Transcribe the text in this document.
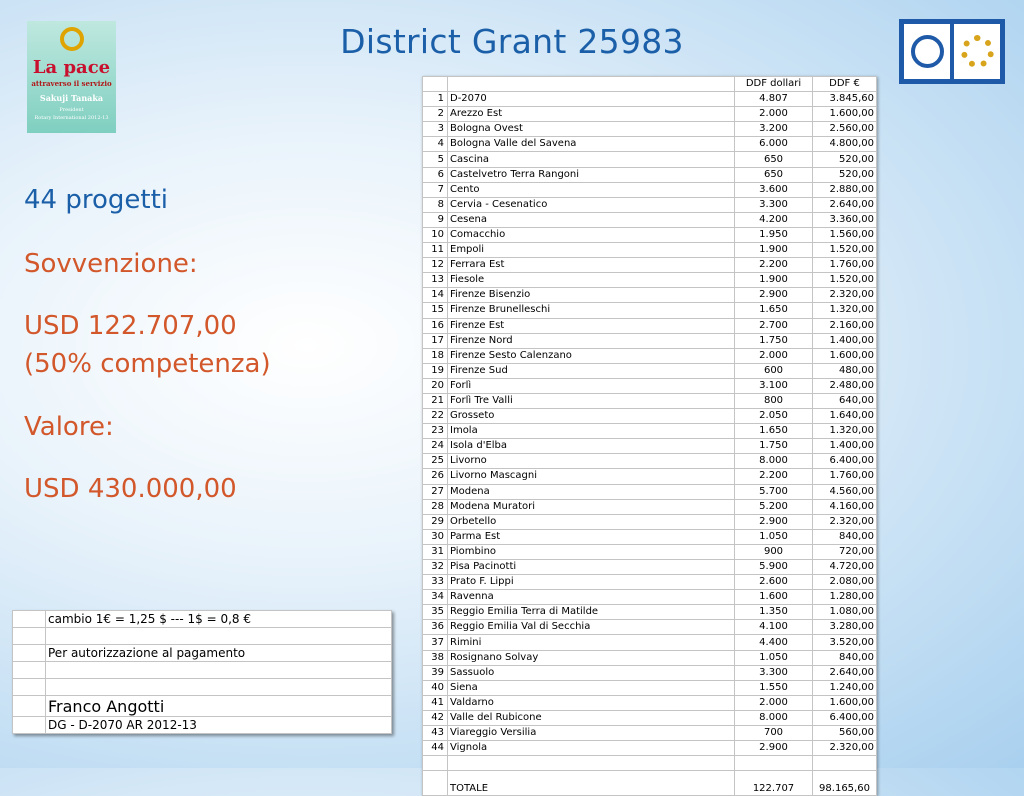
District Grant 25983
La pace
attraverso il servizio
Sakuji Tanaka
President
Rotary International 2012-13
44 progetti
Sovvenzione:
USD 122.707,00
(50% competenza)
Valore:
USD 430.000,00
		DDF dollari	DDF €
1	D-2070	4.807	3.845,60
2	Arezzo Est	2.000	1.600,00
3	Bologna Ovest	3.200	2.560,00
4	Bologna Valle del Savena	6.000	4.800,00
5	Cascina	650	520,00
6	Castelvetro Terra Rangoni	650	520,00
7	Cento	3.600	2.880,00
8	Cervia - Cesenatico	3.300	2.640,00
9	Cesena	4.200	3.360,00
10	Comacchio	1.950	1.560,00
11	Empoli	1.900	1.520,00
12	Ferrara Est	2.200	1.760,00
13	Fiesole	1.900	1.520,00
14	Firenze Bisenzio	2.900	2.320,00
15	Firenze Brunelleschi	1.650	1.320,00
16	Firenze Est	2.700	2.160,00
17	Firenze Nord	1.750	1.400,00
18	Firenze Sesto Calenzano	2.000	1.600,00
19	Firenze Sud	600	480,00
20	Forlì	3.100	2.480,00
21	Forlì Tre Valli	800	640,00
22	Grosseto	2.050	1.640,00
23	Imola	1.650	1.320,00
24	Isola d'Elba	1.750	1.400,00
25	Livorno	8.000	6.400,00
26	Livorno Mascagni	2.200	1.760,00
27	Modena	5.700	4.560,00
28	Modena Muratori	5.200	4.160,00
29	Orbetello	2.900	2.320,00
30	Parma Est	1.050	840,00
31	Piombino	900	720,00
32	Pisa Pacinotti	5.900	4.720,00
33	Prato F. Lippi	2.600	2.080,00
34	Ravenna	1.600	1.280,00
35	Reggio Emilia Terra di Matilde	1.350	1.080,00
36	Reggio Emilia Val di Secchia	4.100	3.280,00
37	Rimini	4.400	3.520,00
38	Rosignano Solvay	1.050	840,00
39	Sassuolo	3.300	2.640,00
40	Siena	1.550	1.240,00
41	Valdarno	2.000	1.600,00
42	Valle del Rubicone	8.000	6.400,00
43	Viareggio Versilia	700	560,00
44	Vignola	2.900	2.320,00

	TOTALE	122.707	98.165,60
	cambio 1€ = 1,25 $ --- 1$ = 0,8 €

	Per autorizzazione al pagamento

	Franco Angotti
	DG - D-2070 AR 2012-13
